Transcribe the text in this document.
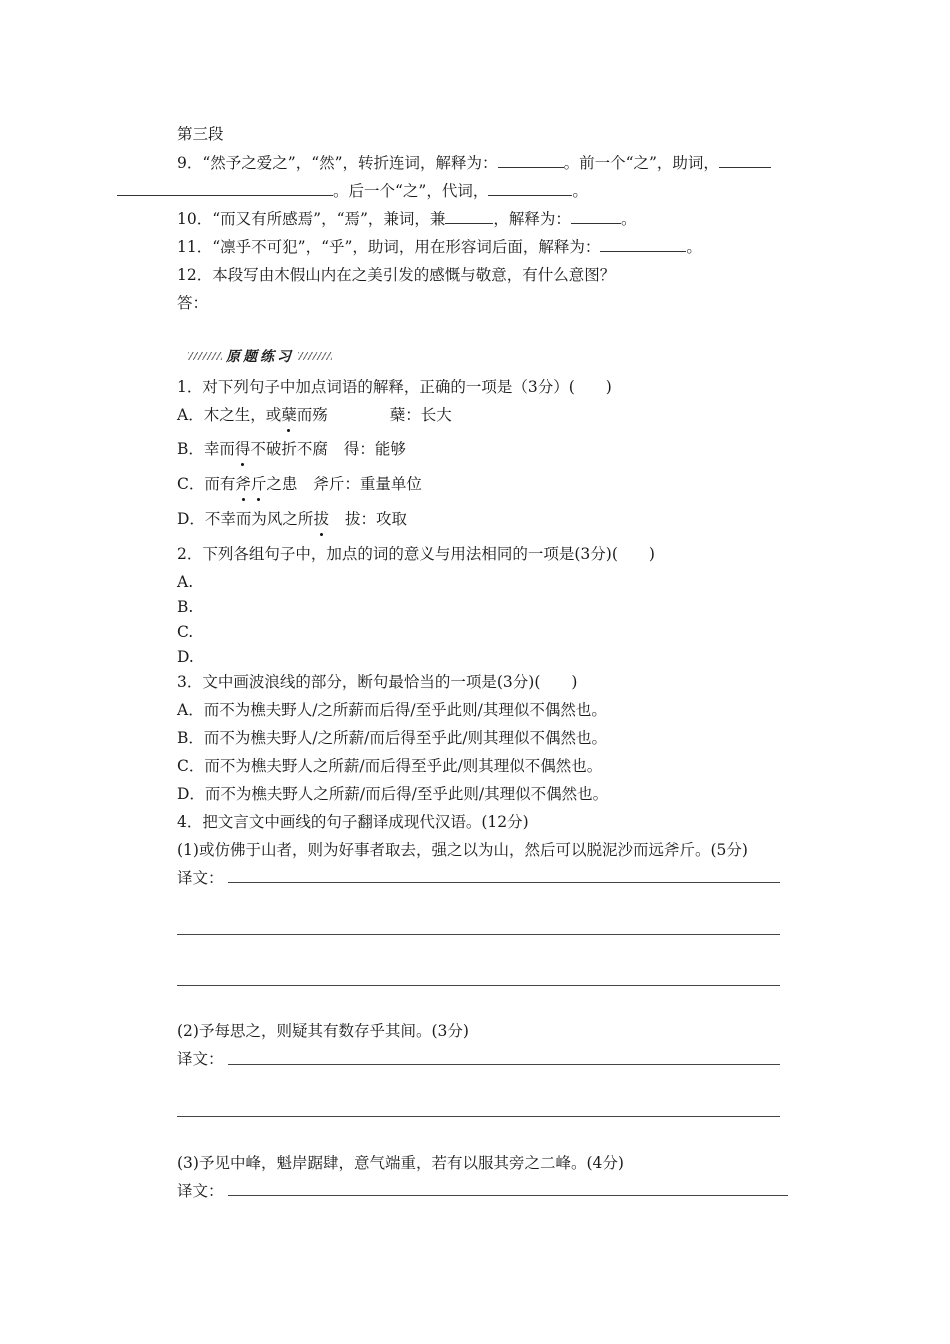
第三段
9．“然予之爱之”，“然”，转折连词，解释为：	。前一个“之”，助词，
。后一个“之”，代词，	。
10．“而又有所感焉”，“焉”，兼词，兼	，解释为：	。
11．“凛乎不可犯”，“乎”，助词，用在形容词后面，解释为：	。
12．本段写由木假山内在之美引发的感慨与敬意，有什么意图？
答：
原题练习
1．对下列句子中加点词语的解释，正确的一项是（3分）(　　)
A．木之生，或蘖而殇	蘖：长大
B．幸而得不破折不腐 得：能够
C．而有斧斤之患 斧斤：重量单位
D．不幸而为风之所拔 拔：攻取
2．下列各组句子中，加点的词的意义与用法相同的一项是(3分)(　　)
A.
B.
C.
D.
3．文中画波浪线的部分，断句最恰当的一项是(3分)(　　)
A．而不为樵夫野人/之所薪而后得/至乎此则/其理似不偶然也。
B．而不为樵夫野人/之所薪/而后得至乎此/则其理似不偶然也。
C．而不为樵夫野人之所薪/而后得至乎此/则其理似不偶然也。
D．而不为樵夫野人之所薪/而后得/至乎此则/其理似不偶然也。
4．把文言文中画线的句子翻译成现代汉语。(12分)
(1)或仿佛于山者，则为好事者取去，强之以为山，然后可以脱泥沙而远斧斤。(5分)
译文：
(2)予每思之，则疑其有数存乎其间。(3分)
译文：
(3)予见中峰，魁岸踞肆，意气端重，若有以服其旁之二峰。(4分)
译文：
